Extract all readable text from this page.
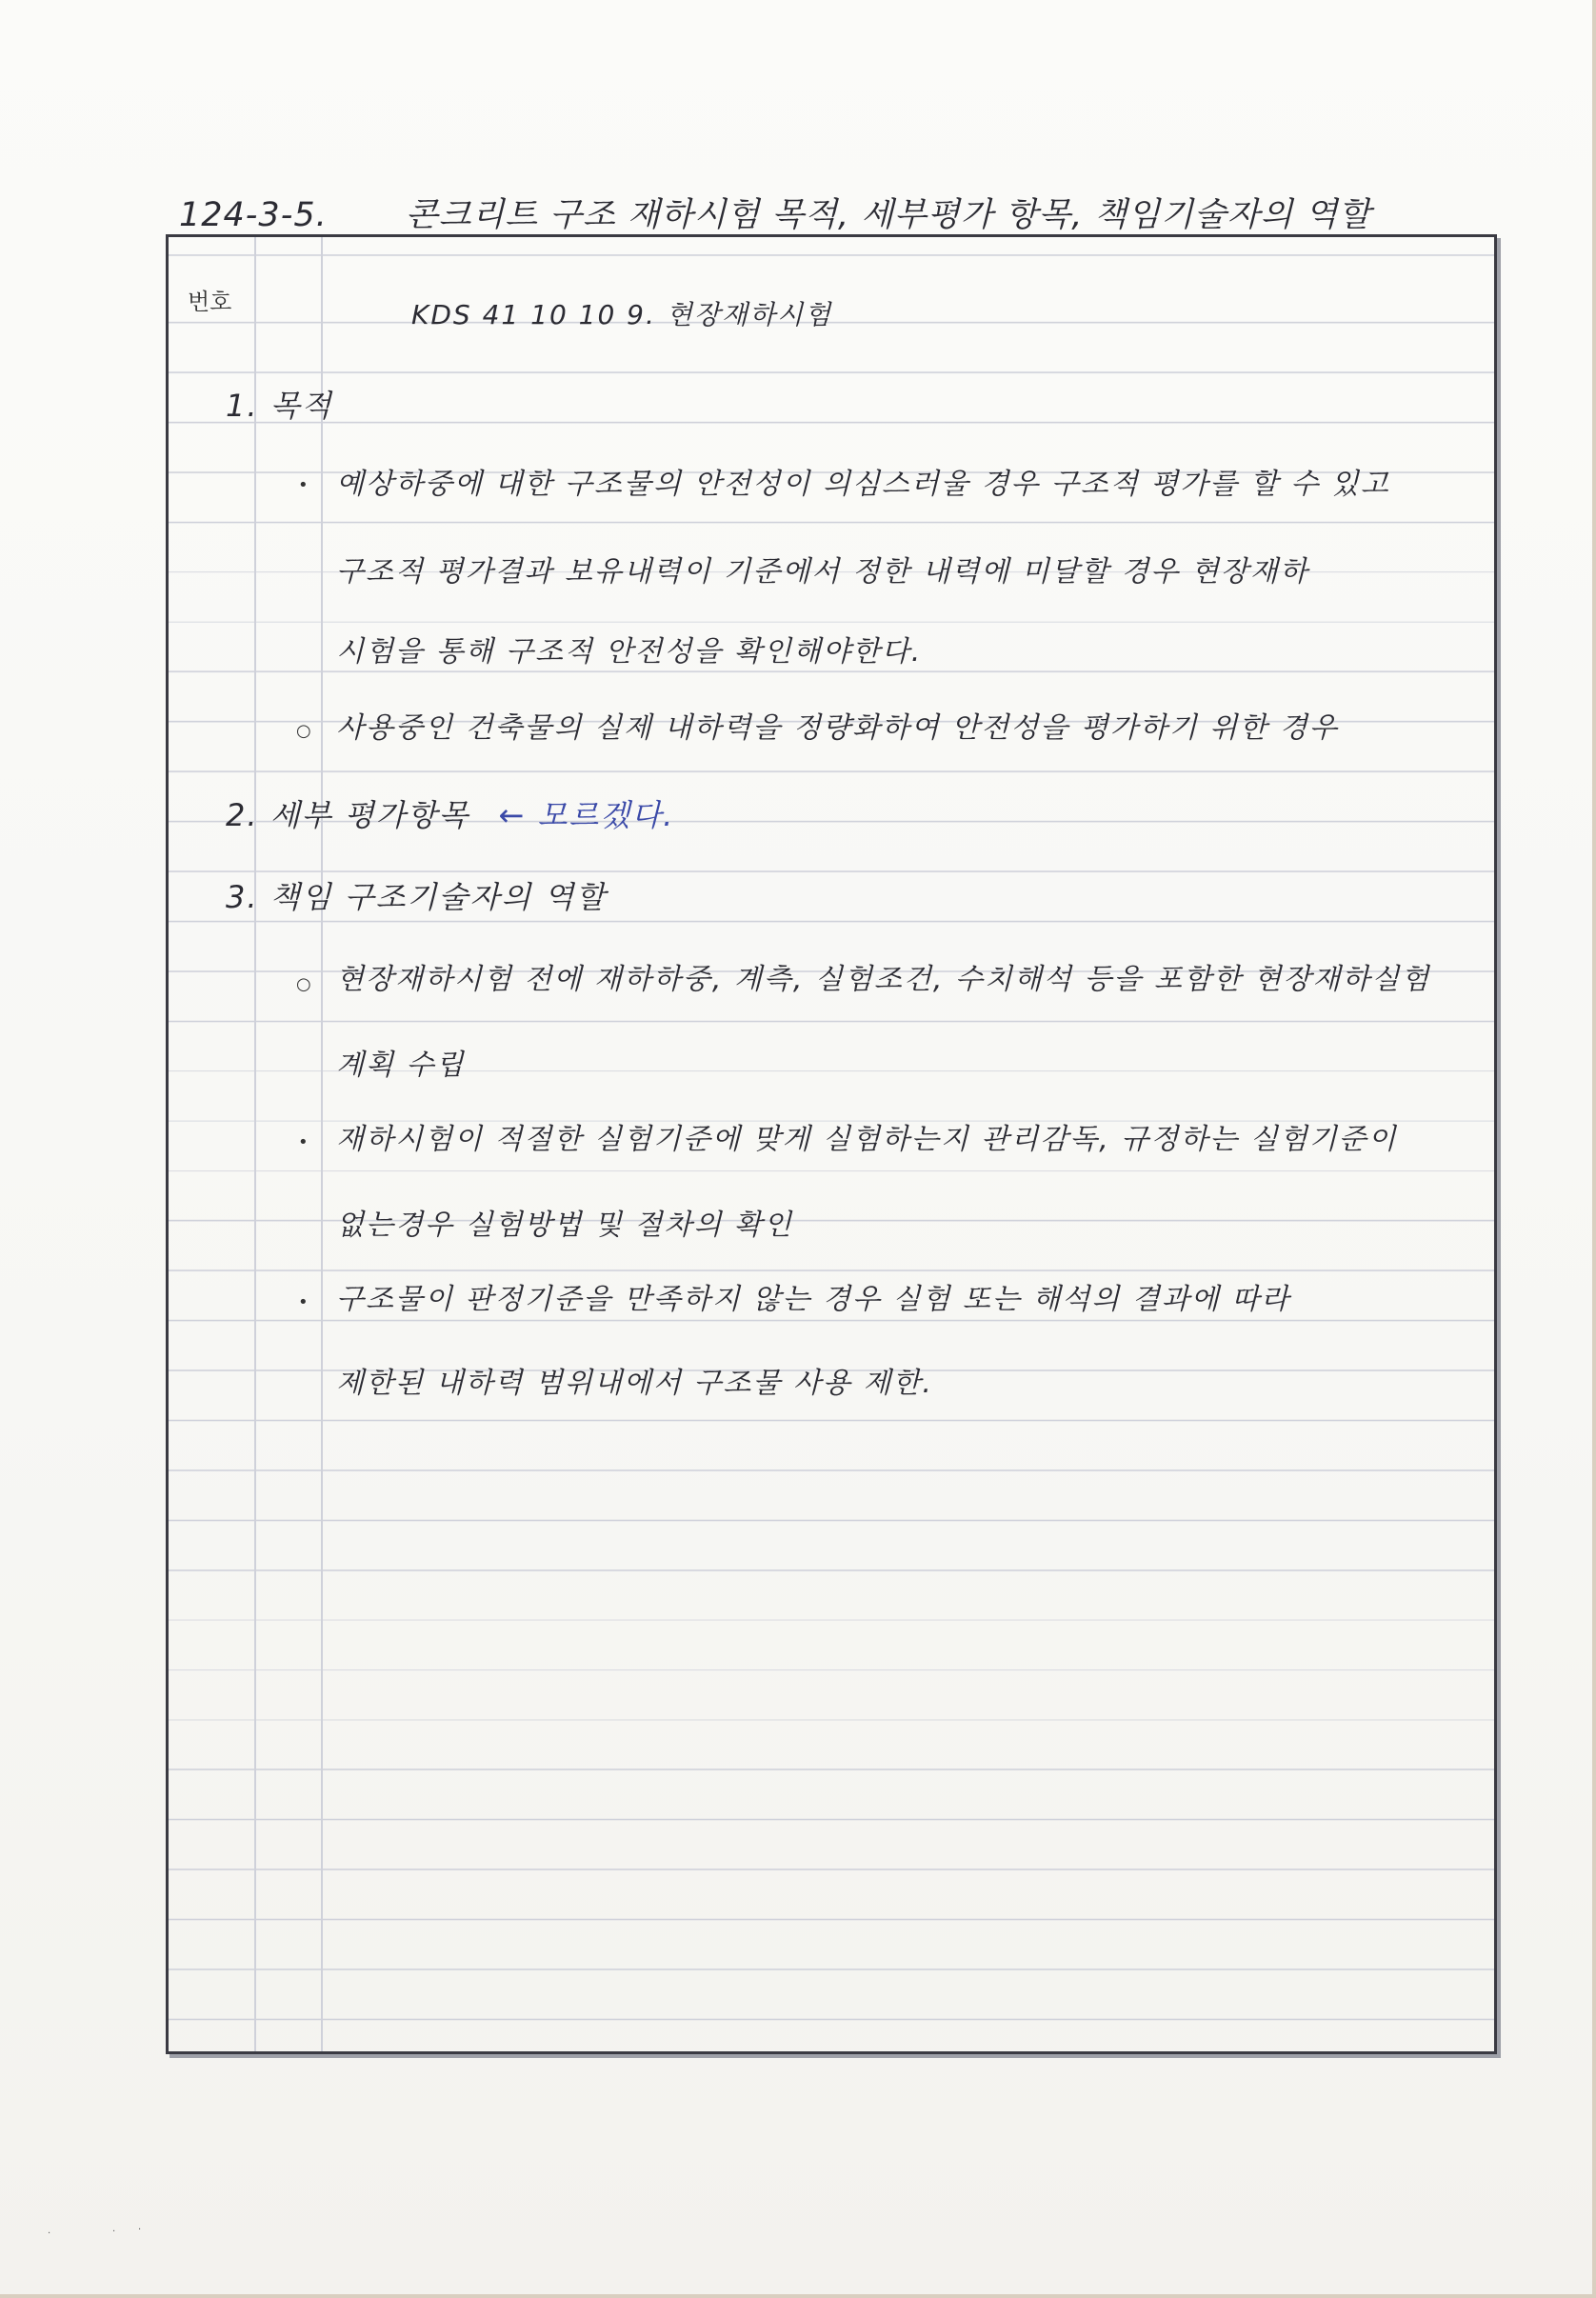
124-3-5. 콘크리트 구조 재하시험 목적, 세부평가 항목, 책임기술자의 역할
번호	KDS 41 10 10 9. 현장재하시험
1. 목적
• 예상하중에 대한 구조물의 안전성이 의심스러울 경우 구조적 평가를 할 수 있고
구조적 평가결과 보유내력이 기준에서 정한 내력에 미달할 경우 현장재하
시험을 통해 구조적 안전성을 확인해야한다.
○ 사용중인 건축물의 실제 내하력을 정량화하여 안전성을 평가하기 위한 경우
2. 세부 평가항목 ← 모르겠다.
3. 책임 구조기술자의 역할
○ 현장재하시험 전에 재하하중, 계측, 실험조건, 수치해석 등을 포함한 현장재하실험
계획 수립
• 재하시험이 적절한 실험기준에 맞게 실험하는지 관리감독, 규정하는 실험기준이
없는경우 실험방법 및 절차의 확인
• 구조물이 판정기준을 만족하지 않는 경우 실험 또는 해석의 결과에 따라
제한된 내하력 범위내에서 구조물 사용 제한.
·	· ·
